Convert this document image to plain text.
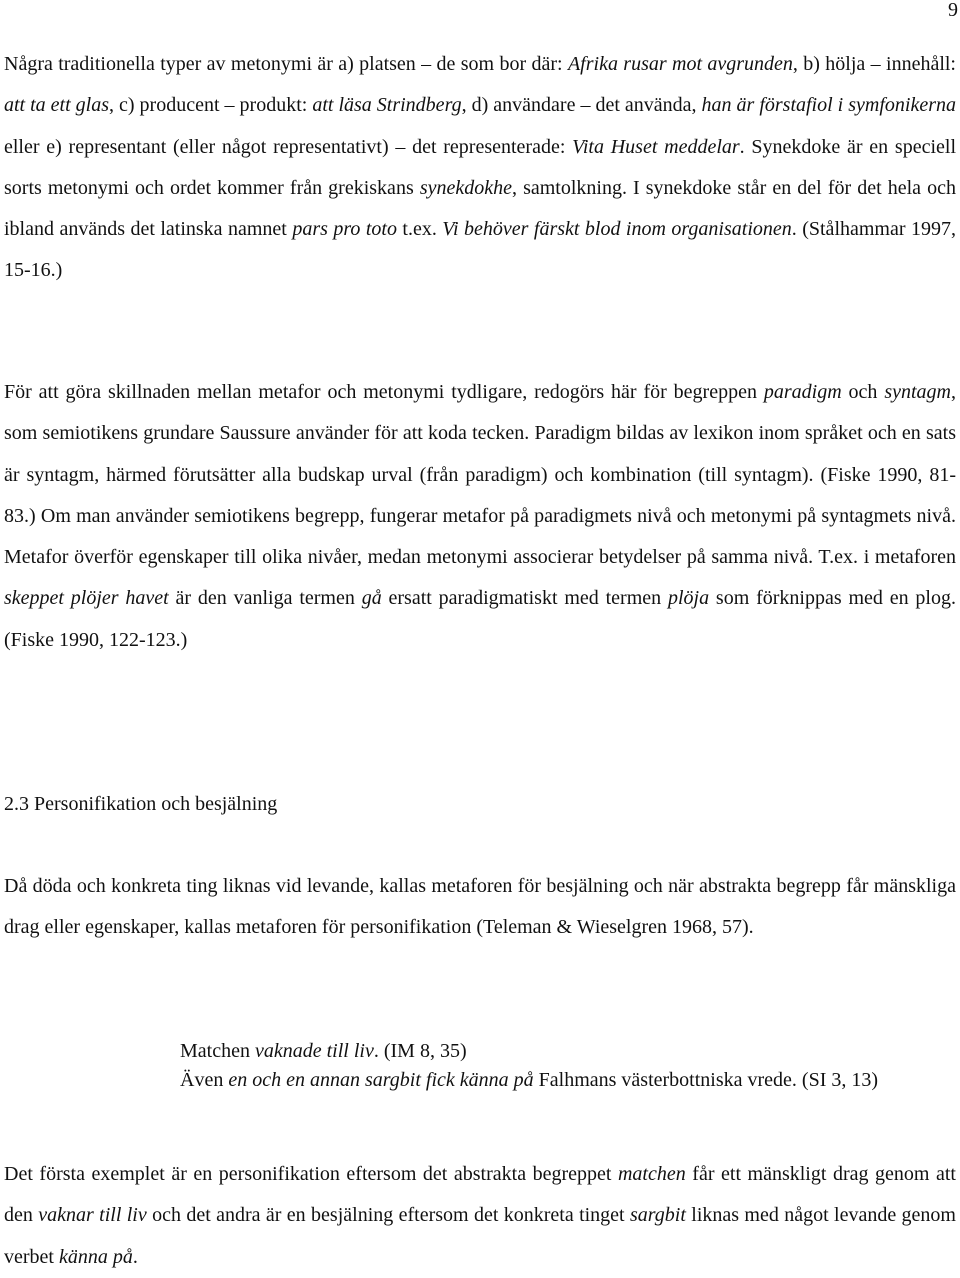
9

Några traditionella typer av metonymi är a) platsen – de som bor där: Afrika rusar mot avgrunden, b) hölja – innehåll: att ta ett glas, c) producent – produkt: att läsa Strindberg, d) användare – det använda, han är förstafiol i symfonikerna eller e) representant (eller något representativt) – det representerade: Vita Huset meddelar. Synekdoke är en speciell sorts metonymi och ordet kommer från grekiskans synekdokhe, samtolkning. I synekdoke står en del för det hela och ibland används det latinska namnet pars pro toto t.ex. Vi behöver färskt blod inom organisationen. (Stålhammar 1997, 15-16.)

För att göra skillnaden mellan metafor och metonymi tydligare, redogörs här för begreppen paradigm och syntagm, som semiotikens grundare Saussure använder för att koda tecken. Paradigm bildas av lexikon inom språket och en sats är syntagm, härmed förutsätter alla budskap urval (från paradigm) och kombination (till syntagm). (Fiske 1990, 81-83.) Om man använder semiotikens begrepp, fungerar metafor på paradigmets nivå och metonymi på syntagmets nivå. Metafor överför egenskaper till olika nivåer, medan metonymi associerar betydelser på samma nivå. T.ex. i metaforen skeppet plöjer havet är den vanliga termen gå ersatt paradigmatiskt med termen plöja som förknippas med en plog. (Fiske 1990, 122-123.)

2.3 Personifikation och besjälning

Då döda och konkreta ting liknas vid levande, kallas metaforen för besjälning och när abstrakta begrepp får mänskliga drag eller egenskaper, kallas metaforen för personifikation (Teleman & Wieselgren 1968, 57).

Matchen vaknade till liv. (IM 8, 35)

Även en och en annan sargbit fick känna på Falhmans västerbottniska vrede. (SI 3, 13)

Det första exemplet är en personifikation eftersom det abstrakta begreppet matchen får ett mänskligt drag genom att den vaknar till liv och det andra är en besjälning eftersom det konkreta tinget sargbit liknas med något levande genom verbet känna på.
